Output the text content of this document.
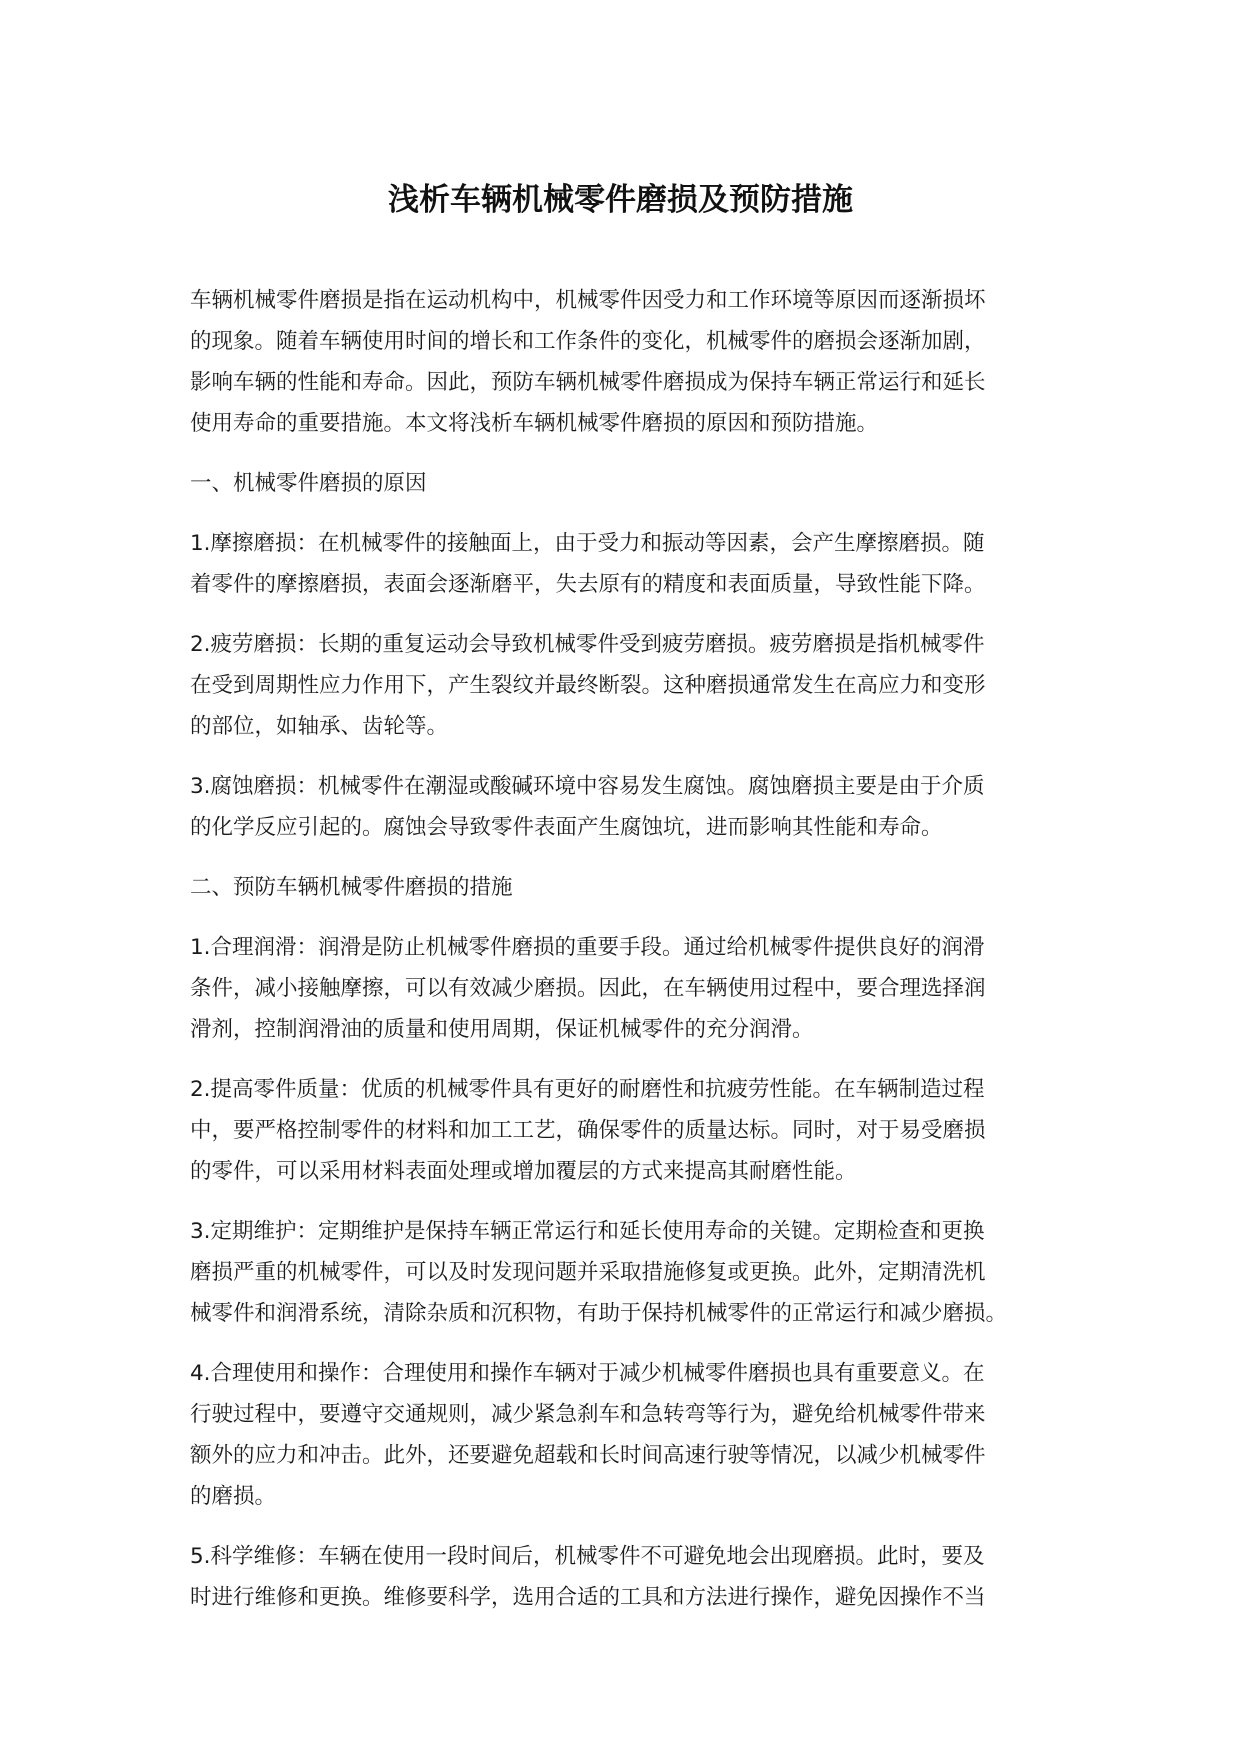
浅析车辆机械零件磨损及预防措施

车辆机械零件磨损是指在运动机构中，机械零件因受力和工作环境等原因而逐渐损坏
的现象。随着车辆使用时间的增长和工作条件的变化，机械零件的磨损会逐渐加剧，
影响车辆的性能和寿命。因此，预防车辆机械零件磨损成为保持车辆正常运行和延长
使用寿命的重要措施。本文将浅析车辆机械零件磨损的原因和预防措施。

一、机械零件磨损的原因

1.摩擦磨损：在机械零件的接触面上，由于受力和振动等因素，会产生摩擦磨损。随
着零件的摩擦磨损，表面会逐渐磨平，失去原有的精度和表面质量，导致性能下降。

2.疲劳磨损：长期的重复运动会导致机械零件受到疲劳磨损。疲劳磨损是指机械零件
在受到周期性应力作用下，产生裂纹并最终断裂。这种磨损通常发生在高应力和变形
的部位，如轴承、齿轮等。

3.腐蚀磨损：机械零件在潮湿或酸碱环境中容易发生腐蚀。腐蚀磨损主要是由于介质
的化学反应引起的。腐蚀会导致零件表面产生腐蚀坑，进而影响其性能和寿命。

二、预防车辆机械零件磨损的措施

1.合理润滑：润滑是防止机械零件磨损的重要手段。通过给机械零件提供良好的润滑
条件，减小接触摩擦，可以有效减少磨损。因此，在车辆使用过程中，要合理选择润
滑剂，控制润滑油的质量和使用周期，保证机械零件的充分润滑。

2.提高零件质量：优质的机械零件具有更好的耐磨性和抗疲劳性能。在车辆制造过程
中，要严格控制零件的材料和加工工艺，确保零件的质量达标。同时，对于易受磨损
的零件，可以采用材料表面处理或增加覆层的方式来提高其耐磨性能。

3.定期维护：定期维护是保持车辆正常运行和延长使用寿命的关键。定期检查和更换
磨损严重的机械零件，可以及时发现问题并采取措施修复或更换。此外，定期清洗机
械零件和润滑系统，清除杂质和沉积物，有助于保持机械零件的正常运行和减少磨损。

4.合理使用和操作：合理使用和操作车辆对于减少机械零件磨损也具有重要意义。在
行驶过程中，要遵守交通规则，减少紧急刹车和急转弯等行为，避免给机械零件带来
额外的应力和冲击。此外，还要避免超载和长时间高速行驶等情况，以减少机械零件
的磨损。

5.科学维修：车辆在使用一段时间后，机械零件不可避免地会出现磨损。此时，要及
时进行维修和更换。维修要科学，选用合适的工具和方法进行操作，避免因操作不当
